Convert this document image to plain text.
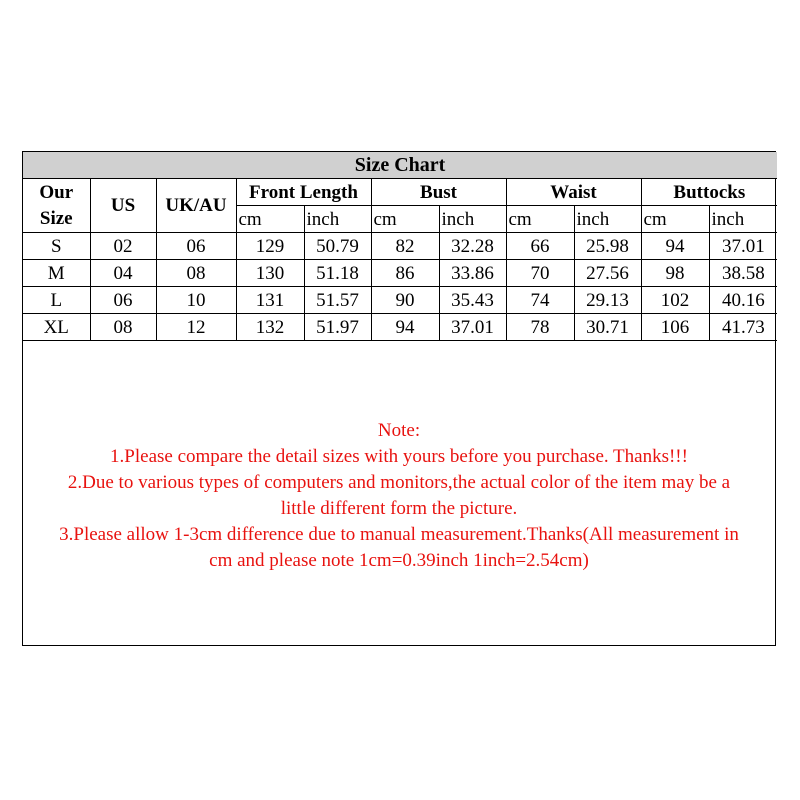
Size Chart										

Our
Size	US	UK/AU	Front Length		Bust		Waist		Buttocks	
			cm	inch	cm	inch	cm	inch	cm	inch
S	02	06	129	50.79	82	32.28	66	25.98	94	37.01
M	04	08	130	51.18	86	33.86	70	27.56	98	38.58
L	06	10	131	51.57	90	35.43	74	29.13	102	40.16
XL	08	12	132	51.97	94	37.01	78	30.71	106	41.73
Note:
1.Please compare the detail sizes with yours before you purchase. Thanks!!!
2.Due to various types of computers and monitors,the actual color of the item may be a
little different form the picture.
3.Please allow 1-3cm difference due to manual measurement.Thanks(All measurement in
cm and please note 1cm=0.39inch 1inch=2.54cm)
